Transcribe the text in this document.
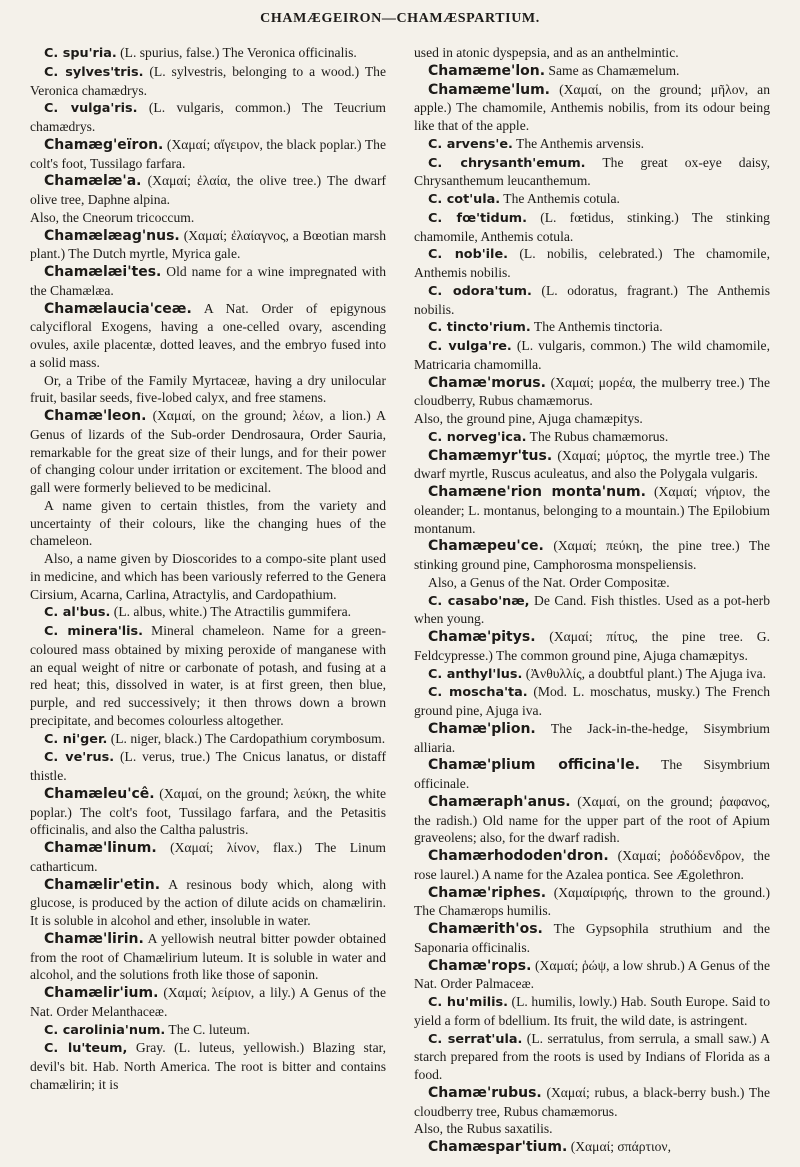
CHAMÆGEIRON—CHAMÆSPARTIUM.

C. spu'ria. (L. spurius, false.) The Veronica officinalis.

C. sylves'tris. (L. sylvestris, belonging to a wood.) The Veronica chamædrys.

C. vulga'ris. (L. vulgaris, common.) The Teucrium chamædrys.

Chamæg'eïron. (Χαμαί; αἴγειρον, the black poplar.) The colt's foot, Tussilago farfara.

Chamælæ'a. (Χαμαί; ἐλαία, the olive tree.) The dwarf olive tree, Daphne alpina.

Also, the Cneorum tricoccum.

Chamælæag'nus. (Χαμαί; ἐλαίαγνος, a Bœotian marsh plant.) The Dutch myrtle, Myrica gale.

Chamælæi'tes. Old name for a wine impregnated with the Chamælæa.

Chamælaucia'ceæ. A Nat. Order of epigynous calycifloral Exogens, having a one-celled ovary, ascending ovules, axile placentæ, dotted leaves, and the embryo fused into a solid mass.

Or, a Tribe of the Family Myrtaceæ, having a dry unilocular fruit, basilar seeds, five-lobed calyx, and free stamens.

Chamæ'leon. (Χαμαί, on the ground; λέων, a lion.) A Genus of lizards of the Sub-order Dendrosaura, Order Sauria, remarkable for the great size of their lungs, and for their power of changing colour under irritation or excitement. The blood and gall were formerly believed to be medicinal.

A name given to certain thistles, from the variety and uncertainty of their colours, like the changing hues of the chameleon.

Also, a name given by Dioscorides to a compo-site plant used in medicine, and which has been variously referred to the Genera Cirsium, Acarna, Carlina, Atractylis, and Cardopathium.

C. al'bus. (L. albus, white.) The Atractilis gummifera.

C. minera'lis. Mineral chameleon. Name for a green-coloured mass obtained by mixing peroxide of manganese with an equal weight of nitre or carbonate of potash, and fusing at a red heat; this, dissolved in water, is at first green, then blue, purple, and red successively; it then throws down a brown precipitate, and becomes colourless altogether.

C. ni'ger. (L. niger, black.) The Cardopathium corymbosum.

C. ve'rus. (L. verus, true.) The Cnicus lanatus, or distaff thistle.

Chamæleu'cê. (Χαμαί, on the ground; λεύκη, the white poplar.) The colt's foot, Tussilago farfara, and the Petasitis officinalis, and also the Caltha palustris.

Chamæ'linum. (Χαμαί; λίνον, flax.) The Linum catharticum.

Chamælir'etin. A resinous body which, along with glucose, is produced by the action of dilute acids on chamælirin. It is soluble in alcohol and ether, insoluble in water.

Chamæ'lirin. A yellowish neutral bitter powder obtained from the root of Chamælirium luteum. It is soluble in water and alcohol, and the solutions froth like those of saponin.

Chamælir'ium. (Χαμαί; λείριον, a lily.) A Genus of the Nat. Order Melanthaceæ.

C. carolinia'num. The C. luteum.

C. lu'teum, Gray. (L. luteus, yellowish.) Blazing star, devil's bit. Hab. North America. The root is bitter and contains chamælirin; it is

used in atonic dyspepsia, and as an anthelmintic.

Chamæme'lon. Same as Chamæmelum.

Chamæme'lum. (Χαμαί, on the ground; μῆλον, an apple.) The chamomile, Anthemis nobilis, from its odour being like that of the apple.

C. arvens'e. The Anthemis arvensis.

C. chrysanth'emum. The great ox-eye daisy, Chrysanthemum leucanthemum.

C. cot'ula. The Anthemis cotula.

C. fœ'tidum. (L. fœtidus, stinking.) The stinking chamomile, Anthemis cotula.

C. nob'ile. (L. nobilis, celebrated.) The chamomile, Anthemis nobilis.

C. odora'tum. (L. odoratus, fragrant.) The Anthemis nobilis.

C. tincto'rium. The Anthemis tinctoria.

C. vulga're. (L. vulgaris, common.) The wild chamomile, Matricaria chamomilla.

Chamæ'morus. (Χαμαί; μορέα, the mulberry tree.) The cloudberry, Rubus chamæmorus.

Also, the ground pine, Ajuga chamæpitys.

C. norveg'ica. The Rubus chamæmorus.

Chamæmyr'tus. (Χαμαί; μύρτος, the myrtle tree.) The dwarf myrtle, Ruscus aculeatus, and also the Polygala vulgaris.

Chamæne'rion monta'num. (Χαμαί; νήριον, the oleander; L. montanus, belonging to a mountain.) The Epilobium montanum.

Chamæpeu'ce. (Χαμαί; πεύκη, the pine tree.) The stinking ground pine, Camphorosma monspeliensis.

Also, a Genus of the Nat. Order Compositæ.

C. casabo'næ, De Cand. Fish thistles. Used as a pot-herb when young.

Chamæ'pitys. (Χαμαί; πίτυς, the pine tree. G. Feldcypresse.) The common ground pine, Ajuga chamæpitys.

C. anthyl'lus. (Ἀνθυλλίς, a doubtful plant.) The Ajuga iva.

C. moscha'ta. (Mod. L. moschatus, musky.) The French ground pine, Ajuga iva.

Chamæ'plion. The Jack-in-the-hedge, Sisymbrium alliaria.

Chamæ'plium officina'le. The Sisymbrium officinale.

Chamæraph'anus. (Χαμαί, on the ground; ῥαφανος, the radish.) Old name for the upper part of the root of Apium graveolens; also, for the dwarf radish.

Chamærhododen'dron. (Χαμαί; ῥοδόδενδρον, the rose laurel.) A name for the Azalea pontica. See Ægolethron.

Chamæ'riphes. (Χαμαίριφής, thrown to the ground.) The Chamærops humilis.

Chamærith'os. The Gypsophila struthium and the Saponaria officinalis.

Chamæ'rops. (Χαμαί; ῥώψ, a low shrub.) A Genus of the Nat. Order Palmaceæ.

C. hu'milis. (L. humilis, lowly.) Hab. South Europe. Said to yield a form of bdellium. Its fruit, the wild date, is astringent.

C. serrat'ula. (L. serratulus, from serrula, a small saw.) A starch prepared from the roots is used by Indians of Florida as a food.

Chamæ'rubus. (Χαμαί; rubus, a black-berry bush.) The cloudberry tree, Rubus chamæmorus.

Also, the Rubus saxatilis.

Chamæspar'tium. (Χαμαί; σπάρτιον,
